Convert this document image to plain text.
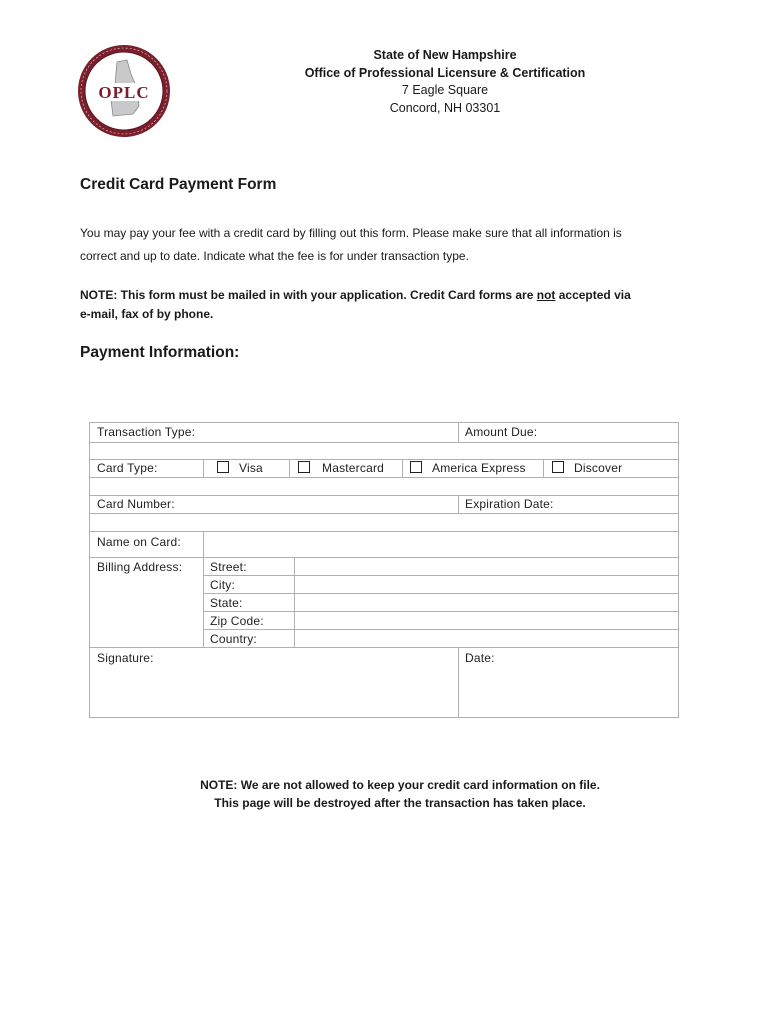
OPLC
State of New Hampshire
Office of Professional Licensure & Certification
7 Eagle Square
Concord, NH 03301
Credit Card Payment Form
You may pay your fee with a credit card by filling out this form. Please make sure that all information is
correct and up to date. Indicate what the fee is for under transaction type.
NOTE: This form must be mailed in with your application. Credit Card forms are not accepted via
e-mail, fax of by phone.
Payment Information:
Transaction Type:	Amount Due:
Card Type:	Visa	Mastercard	America Express	Discover
Card Number:	Expiration Date:
Name on Card:
Billing Address: Street:
City:
State:
Zip Code:
Country:
Signature:	Date:
NOTE: We are not allowed to keep your credit card information on file.
This page will be destroyed after the transaction has taken place.
